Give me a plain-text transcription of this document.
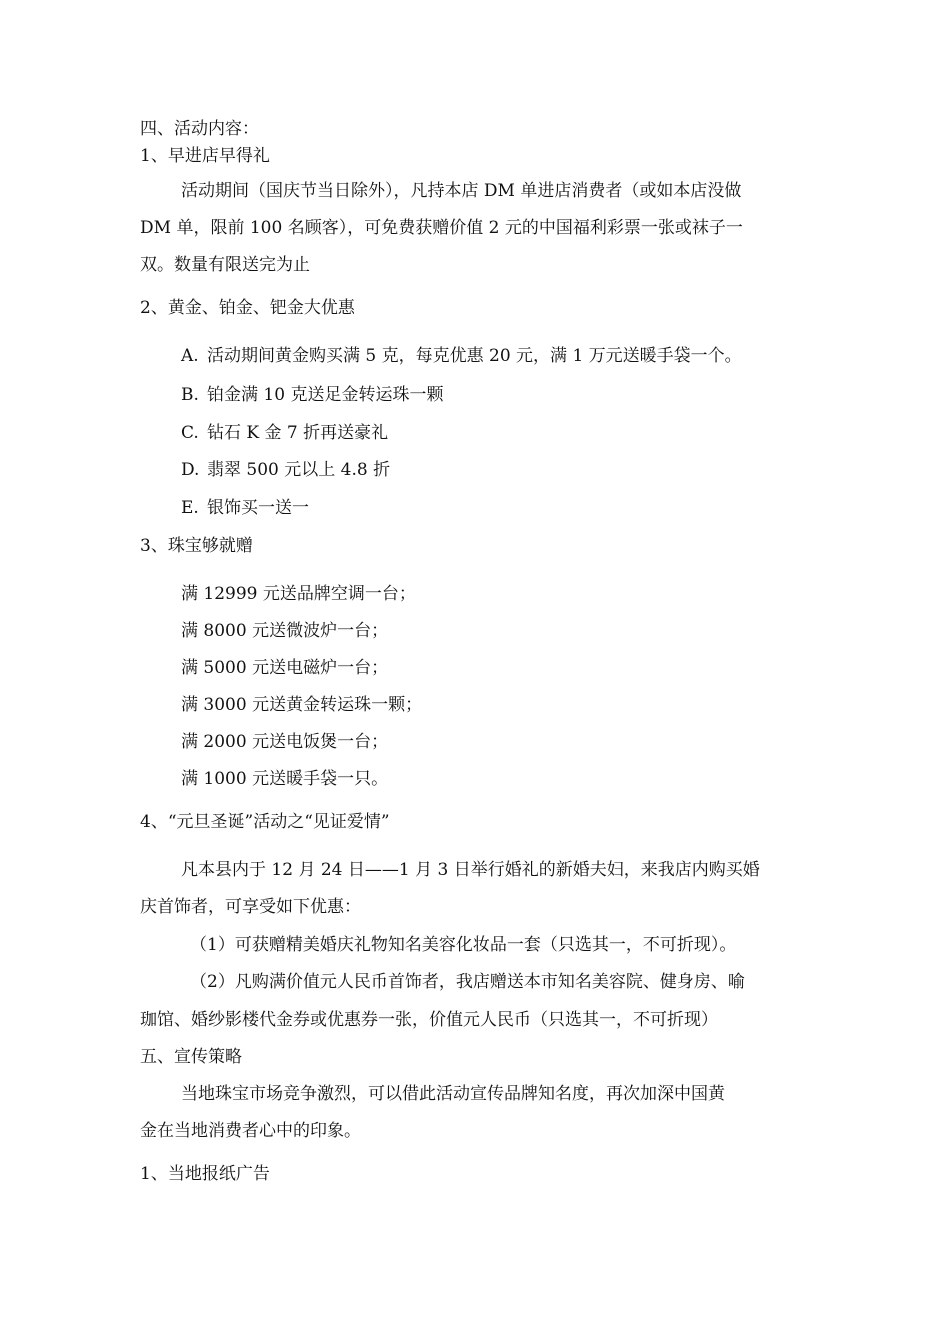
四、活动内容：
1、早进店早得礼
活动期间（国庆节当日除外），凡持本店 DM 单进店消费者（或如本店没做
DM 单，限前 100 名顾客），可免费获赠价值 2 元的中国福利彩票一张或袜子一
双。数量有限送完为止
2、黄金、铂金、钯金大优惠
A. 活动期间黄金购买满 5 克，每克优惠 20 元，满 1 万元送暖手袋一个。
B. 铂金满 10 克送足金转运珠一颗
C. 钻石 K 金 7 折再送豪礼
D. 翡翠 500 元以上 4.8 折
E. 银饰买一送一
3、珠宝够就赠
满 12999 元送品牌空调一台；
满 8000 元送微波炉一台；
满 5000 元送电磁炉一台；
满 3000 元送黄金转运珠一颗；
满 2000 元送电饭煲一台；
满 1000 元送暖手袋一只。
4、“元旦圣诞”活动之“见证爱情”
凡本县内于 12 月 24 日——1 月 3 日举行婚礼的新婚夫妇，来我店内购买婚
庆首饰者，可享受如下优惠：
（1）可获赠精美婚庆礼物知名美容化妆品一套（只选其一，不可折现）。
（2）凡购满价值元人民币首饰者，我店赠送本市知名美容院、健身房、喻
珈馆、婚纱影楼代金券或优惠券一张，价值元人民币（只选其一，不可折现）
五、宣传策略
当地珠宝市场竞争激烈，可以借此活动宣传品牌知名度，再次加深中国黄
金在当地消费者心中的印象。
1、当地报纸广告
